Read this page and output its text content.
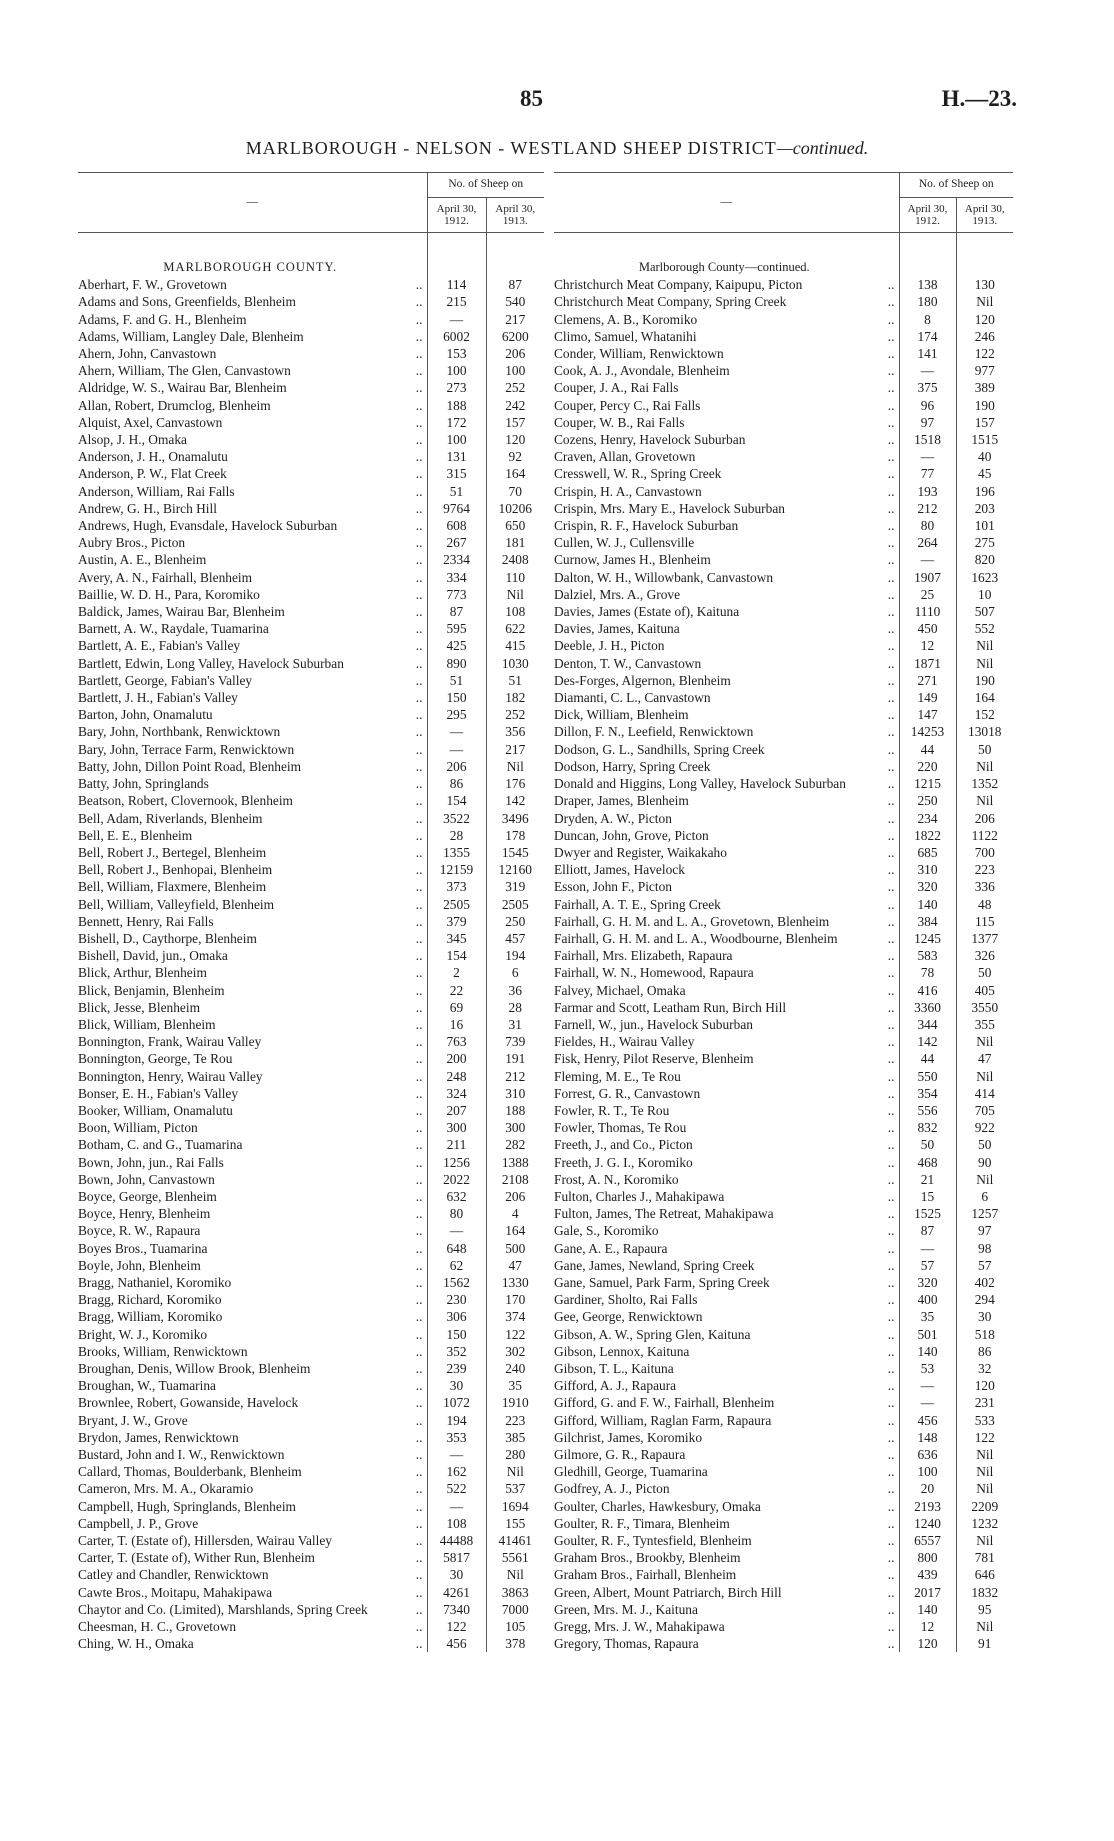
85	H.—23.
MARLBOROUGH - NELSON - WESTLAND SHEEP DISTRICT—continued.
—	No. of Sheep on	
	April 30, 1912.	April 30, 1913.

MARLBOROUGH COUNTY.		

..
Aberhart, F. W., Grovetown	114	87

..
Adams and Sons, Greenfields, Blenheim	215	540

..
Adams, F. and G. H., Blenheim	—	217

..
Adams, William, Langley Dale, Blenheim	6002	6200

..
Ahern, John, Canvastown	153	206

..
Ahern, William, The Glen, Canvastown	100	100

..
Aldridge, W. S., Wairau Bar, Blenheim	273	252

..
Allan, Robert, Drumclog, Blenheim	188	242

..
Alquist, Axel, Canvastown	172	157

..
Alsop, J. H., Omaka	100	120

..
Anderson, J. H., Onamalutu	131	92

..
Anderson, P. W., Flat Creek	315	164

..
Anderson, William, Rai Falls	51	70

..
Andrew, G. H., Birch Hill	9764	10206

..
Andrews, Hugh, Evansdale, Havelock Suburban	608	650

..
Aubry Bros., Picton	267	181

..
Austin, A. E., Blenheim	2334	2408

..
Avery, A. N., Fairhall, Blenheim	334	110

..
Baillie, W. D. H., Para, Koromiko	773	Nil

..
Baldick, James, Wairau Bar, Blenheim	87	108

..
Barnett, A. W., Raydale, Tuamarina	595	622

..
Bartlett, A. E., Fabian's Valley	425	415

..
Bartlett, Edwin, Long Valley, Havelock Suburban	890	1030

..
Bartlett, George, Fabian's Valley	51	51

..
Bartlett, J. H., Fabian's Valley	150	182

..
Barton, John, Onamalutu	295	252

..
Bary, John, Northbank, Renwicktown	—	356

..
Bary, John, Terrace Farm, Renwicktown	—	217

..
Batty, John, Dillon Point Road, Blenheim	206	Nil

..
Batty, John, Springlands	86	176

..
Beatson, Robert, Clovernook, Blenheim	154	142

..
Bell, Adam, Riverlands, Blenheim	3522	3496

..
Bell, E. E., Blenheim	28	178

..
Bell, Robert J., Bertegel, Blenheim	1355	1545

..
Bell, Robert J., Benhopai, Blenheim	12159	12160

..
Bell, William, Flaxmere, Blenheim	373	319

..
Bell, William, Valleyfield, Blenheim	2505	2505

..
Bennett, Henry, Rai Falls	379	250

..
Bishell, D., Caythorpe, Blenheim	345	457

..
Bishell, David, jun., Omaka	154	194

..
Blick, Arthur, Blenheim	2	6

..
Blick, Benjamin, Blenheim	22	36

..
Blick, Jesse, Blenheim	69	28

..
Blick, William, Blenheim	16	31

..
Bonnington, Frank, Wairau Valley	763	739

..
Bonnington, George, Te Rou	200	191

..
Bonnington, Henry, Wairau Valley	248	212

..
Bonser, E. H., Fabian's Valley	324	310

..
Booker, William, Onamalutu	207	188

..
Boon, William, Picton	300	300

..
Botham, C. and G., Tuamarina	211	282

..
Bown, John, jun., Rai Falls	1256	1388

..
Bown, John, Canvastown	2022	2108

..
Boyce, George, Blenheim	632	206

..
Boyce, Henry, Blenheim	80	4

..
Boyce, R. W., Rapaura	—	164

..
Boyes Bros., Tuamarina	648	500

..
Boyle, John, Blenheim	62	47

..
Bragg, Nathaniel, Koromiko	1562	1330

..
Bragg, Richard, Koromiko	230	170

..
Bragg, William, Koromiko	306	374

..
Bright, W. J., Koromiko	150	122

..
Brooks, William, Renwicktown	352	302

..
Broughan, Denis, Willow Brook, Blenheim	239	240

..
Broughan, W., Tuamarina	30	35

..
Brownlee, Robert, Gowanside, Havelock	1072	1910

..
Bryant, J. W., Grove	194	223

..
Brydon, James, Renwicktown	353	385

..
Bustard, John and I. W., Renwicktown	—	280

..
Callard, Thomas, Boulderbank, Blenheim	162	Nil

..
Cameron, Mrs. M. A., Okaramio	522	537

..
Campbell, Hugh, Springlands, Blenheim	—	1694

..
Campbell, J. P., Grove	108	155

..
Carter, T. (Estate of), Hillersden, Wairau Valley	44488	41461

..
Carter, T. (Estate of), Wither Run, Blenheim	5817	5561

..
Catley and Chandler, Renwicktown	30	Nil

..
Cawte Bros., Moitapu, Mahakipawa	4261	3863

..
Chaytor and Co. (Limited), Marshlands, Spring Creek	7340	7000

..
Cheesman, H. C., Grovetown	122	105

..
Ching, W. H., Omaka	456	378
—	No. of Sheep on	
	April 30, 1912.	April 30, 1913.

Marlborough County—continued.		

..
Christchurch Meat Company, Kaipupu, Picton	138	130

..
Christchurch Meat Company, Spring Creek	180	Nil

..
Clemens, A. B., Koromiko	8	120

..
Climo, Samuel, Whatanihi	174	246

..
Conder, William, Renwicktown	141	122

..
Cook, A. J., Avondale, Blenheim	—	977

..
Couper, J. A., Rai Falls	375	389

..
Couper, Percy C., Rai Falls	96	190

..
Couper, W. B., Rai Falls	97	157

..
Cozens, Henry, Havelock Suburban	1518	1515

..
Craven, Allan, Grovetown	—	40

..
Cresswell, W. R., Spring Creek	77	45

..
Crispin, H. A., Canvastown	193	196

..
Crispin, Mrs. Mary E., Havelock Suburban	212	203

..
Crispin, R. F., Havelock Suburban	80	101

..
Cullen, W. J., Cullensville	264	275

..
Curnow, James H., Blenheim	—	820

..
Dalton, W. H., Willowbank, Canvastown	1907	1623

..
Dalziel, Mrs. A., Grove	25	10

..
Davies, James (Estate of), Kaituna	1110	507

..
Davies, James, Kaituna	450	552

..
Deeble, J. H., Picton	12	Nil

..
Denton, T. W., Canvastown	1871	Nil

..
Des-Forges, Algernon, Blenheim	271	190

..
Diamanti, C. L., Canvastown	149	164

..
Dick, William, Blenheim	147	152

..
Dillon, F. N., Leefield, Renwicktown	14253	13018

..
Dodson, G. L., Sandhills, Spring Creek	44	50

..
Dodson, Harry, Spring Creek	220	Nil

..
Donald and Higgins, Long Valley, Havelock Suburban	1215	1352

..
Draper, James, Blenheim	250	Nil

..
Dryden, A. W., Picton	234	206

..
Duncan, John, Grove, Picton	1822	1122

..
Dwyer and Register, Waikakaho	685	700

..
Elliott, James, Havelock	310	223

..
Esson, John F., Picton	320	336

..
Fairhall, A. T. E., Spring Creek	140	48

..
Fairhall, G. H. M. and L. A., Grovetown, Blenheim	384	115

..
Fairhall, G. H. M. and L. A., Woodbourne, Blenheim	1245	1377

..
Fairhall, Mrs. Elizabeth, Rapaura	583	326

..
Fairhall, W. N., Homewood, Rapaura	78	50

..
Falvey, Michael, Omaka	416	405

..
Farmar and Scott, Leatham Run, Birch Hill	3360	3550

..
Farnell, W., jun., Havelock Suburban	344	355

..
Fieldes, H., Wairau Valley	142	Nil

..
Fisk, Henry, Pilot Reserve, Blenheim	44	47

..
Fleming, M. E., Te Rou	550	Nil

..
Forrest, G. R., Canvastown	354	414

..
Fowler, R. T., Te Rou	556	705

..
Fowler, Thomas, Te Rou	832	922

..
Freeth, J., and Co., Picton	50	50

..
Freeth, J. G. I., Koromiko	468	90

..
Frost, A. N., Koromiko	21	Nil

..
Fulton, Charles J., Mahakipawa	15	6

..
Fulton, James, The Retreat, Mahakipawa	1525	1257

..
Gale, S., Koromiko	87	97

..
Gane, A. E., Rapaura	—	98

..
Gane, James, Newland, Spring Creek	57	57

..
Gane, Samuel, Park Farm, Spring Creek	320	402

..
Gardiner, Sholto, Rai Falls	400	294

..
Gee, George, Renwicktown	35	30

..
Gibson, A. W., Spring Glen, Kaituna	501	518

..
Gibson, Lennox, Kaituna	140	86

..
Gibson, T. L., Kaituna	53	32

..
Gifford, A. J., Rapaura	—	120

..
Gifford, G. and F. W., Fairhall, Blenheim	—	231

..
Gifford, William, Raglan Farm, Rapaura	456	533

..
Gilchrist, James, Koromiko	148	122

..
Gilmore, G. R., Rapaura	636	Nil

..
Gledhill, George, Tuamarina	100	Nil

..
Godfrey, A. J., Picton	20	Nil

..
Goulter, Charles, Hawkesbury, Omaka	2193	2209

..
Goulter, R. F., Timara, Blenheim	1240	1232

..
Goulter, R. F., Tyntesfield, Blenheim	6557	Nil

..
Graham Bros., Brookby, Blenheim	800	781

..
Graham Bros., Fairhall, Blenheim	439	646

..
Green, Albert, Mount Patriarch, Birch Hill	2017	1832

..
Green, Mrs. M. J., Kaituna	140	95

..
Gregg, Mrs. J. W., Mahakipawa	12	Nil

..
Gregory, Thomas, Rapaura	120	91
